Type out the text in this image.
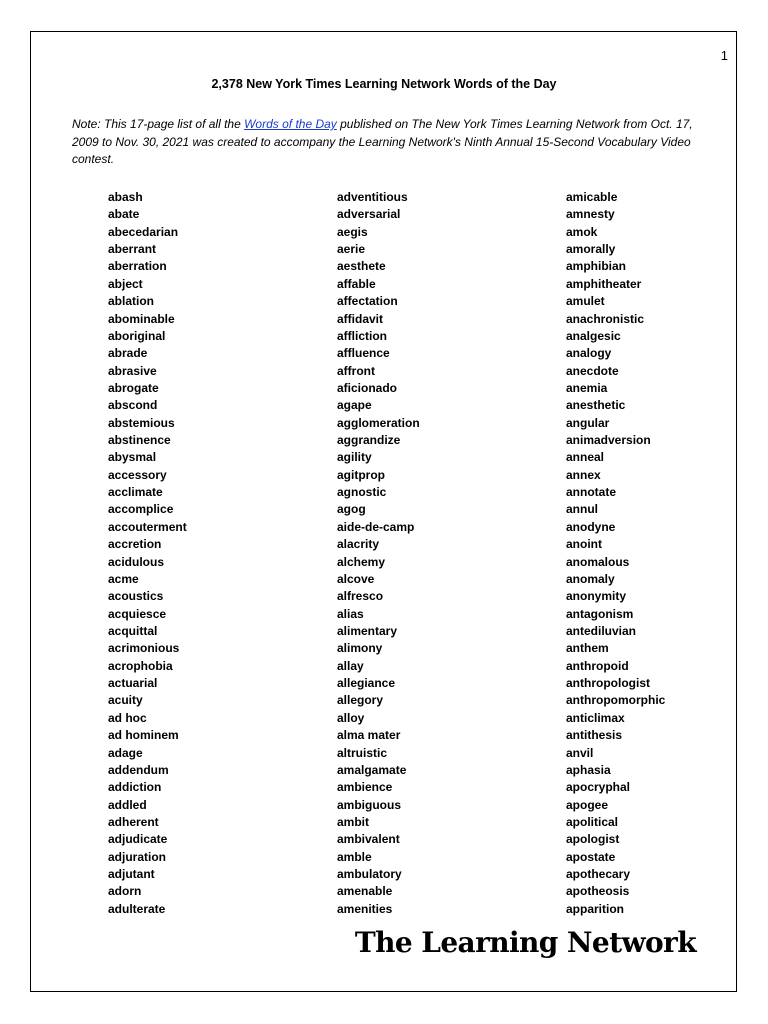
1
2,378 New York Times Learning Network Words of the Day
Note: This 17-page list of all the Words of the Day published on The New York Times Learning Network from Oct. 17, 2009 to Nov. 30, 2021 was created to accompany the Learning Network's Ninth Annual 15-Second Vocabulary Video contest.
abash
abate
abecedarian
aberrant
aberration
abject
ablation
abominable
aboriginal
abrade
abrasive
abrogate
abscond
abstemious
abstinence
abysmal
accessory
acclimate
accomplice
accouterment
accretion
acidulous
acme
acoustics
acquiesce
acquittal
acrimonious
acrophobia
actuarial
acuity
ad hoc
ad hominem
adage
addendum
addiction
addled
adherent
adjudicate
adjuration
adjutant
adorn
adulterate
adventitious
adversarial
aegis
aerie
aesthete
affable
affectation
affidavit
affliction
affluence
affront
aficionado
agape
agglomeration
aggrandize
agility
agitprop
agnostic
agog
aide-de-camp
alacrity
alchemy
alcove
alfresco
alias
alimentary
alimony
allay
allegiance
allegory
alloy
alma mater
altruistic
amalgamate
ambience
ambiguous
ambit
ambivalent
amble
ambulatory
amenable
amenities
amicable
amnesty
amok
amorally
amphibian
amphitheater
amulet
anachronistic
analgesic
analogy
anecdote
anemia
anesthetic
angular
animadversion
anneal
annex
annotate
annul
anodyne
anoint
anomalous
anomaly
anonymity
antagonism
antediluvian
anthem
anthropoid
anthropologist
anthropomorphic
anticlimax
antithesis
anvil
aphasia
apocryphal
apogee
apolitical
apologist
apostate
apothecary
apotheosis
apparition
The Learning Network
